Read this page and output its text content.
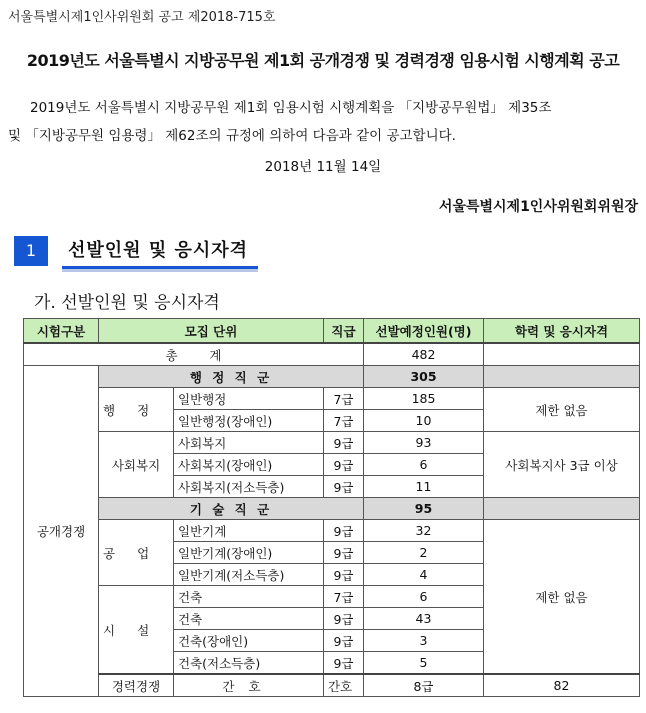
서울특별시제1인사위원회 공고 제2018-715호
2019년도 서울특별시 지방공무원 제1회 공개경쟁 및 경력경쟁 임용시험 시행계획 공고
2019년도 서울특별시 지방공무원 제1회 임용시험 시행계획을 「지방공무원법」 제35조
및 「지방공무원 임용령」 제62조의 규정에 의하여 다음과 같이 공고합니다.
2018년 11월 14일
서울특별시제1인사위원회위원장
1	선발인원 및 응시자격
가. 선발인원 및 응시자격
시험구분	모집 단위		직급	선발예정인원(명)	학력 및 응시자격	
총        계				482		
공개경쟁	행 정 직 군			305		
	행정	일반행정	7급	185	제한 없음	
		일반행정(장애인)	7급	10		
	사회복지	사회복지	9급	93	사회복지사 3급 이상	
		사회복지(장애인)	9급	6		
		사회복지(저소득층)	9급	11		
	기 술 직 군			95		
	공업	일반기계	9급	32	제한 없음	
		일반기계(장애인)	9급	2		
		일반기계(저소득층)	9급	4		
	시설	건축	7급	6		
		건축	9급	43		
		건축(장애인)	9급	3		
		건축(저소득층)	9급	5		
	경력경쟁	간호	간호	8급	82	
